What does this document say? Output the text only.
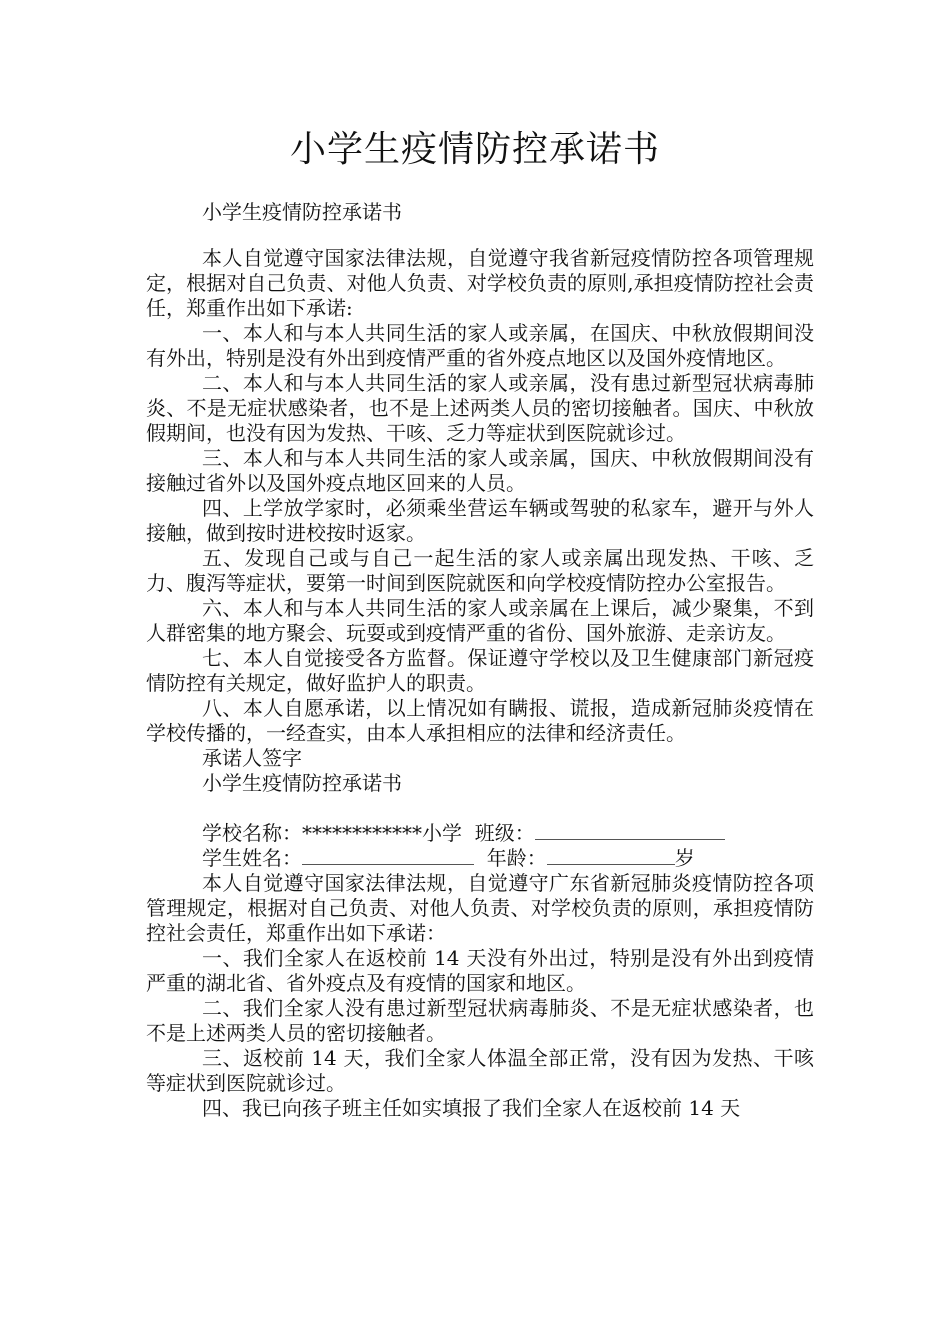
小学生疫情防控承诺书
小学生疫情防控承诺书

本人自觉遵守国家法律法规，自觉遵守我省新冠疫情防控各项管理规定，根据对自己负责、对他人负责、对学校负责的原则,承担疫情防控社会责任，郑重作出如下承诺:

一、本人和与本人共同生活的家人或亲属，在国庆、中秋放假期间没有外出，特别是没有外出到疫情严重的省外疫点地区以及国外疫情地区。

二、本人和与本人共同生活的家人或亲属，没有患过新型冠状病毒肺炎、不是无症状感染者，也不是上述两类人员的密切接触者。国庆、中秋放假期间，也没有因为发热、干咳、乏力等症状到医院就诊过。

三、本人和与本人共同生活的家人或亲属，国庆、中秋放假期间没有接触过省外以及国外疫点地区回来的人员。

四、上学放学家时，必须乘坐营运车辆或驾驶的私家车，避开与外人接触，做到按时进校按时返家。

五、发现自己或与自己一起生活的家人或亲属出现发热、干咳、乏力、腹泻等症状，要第一时间到医院就医和向学校疫情防控办公室报告。

六、本人和与本人共同生活的家人或亲属在上课后，减少聚集，不到人群密集的地方聚会、玩耍或到疫情严重的省份、国外旅游、走亲访友。

七、本人自觉接受各方监督。保证遵守学校以及卫生健康部门新冠疫情防控有关规定，做好监护人的职责。

八、本人自愿承诺，以上情况如有瞒报、谎报，造成新冠肺炎疫情在学校传播的，一经查实，由本人承担相应的法律和经济责任。

承诺人签字

小学生疫情防控承诺书

学校名称：************小学 班级：

学生姓名：	年龄：	岁

本人自觉遵守国家法律法规，自觉遵守广东省新冠肺炎疫情防控各项管理规定，根据对自己负责、对他人负责、对学校负责的原则，承担疫情防控社会责任，郑重作出如下承诺：

一、我们全家人在返校前 14 天没有外出过，特别是没有外出到疫情严重的湖北省、省外疫点及有疫情的国家和地区。

二、我们全家人没有患过新型冠状病毒肺炎、不是无症状感染者，也不是上述两类人员的密切接触者。

三、返校前 14 天，我们全家人体温全部正常，没有因为发热、干咳等症状到医院就诊过。

四、我已向孩子班主任如实填报了我们全家人在返校前 14 天
